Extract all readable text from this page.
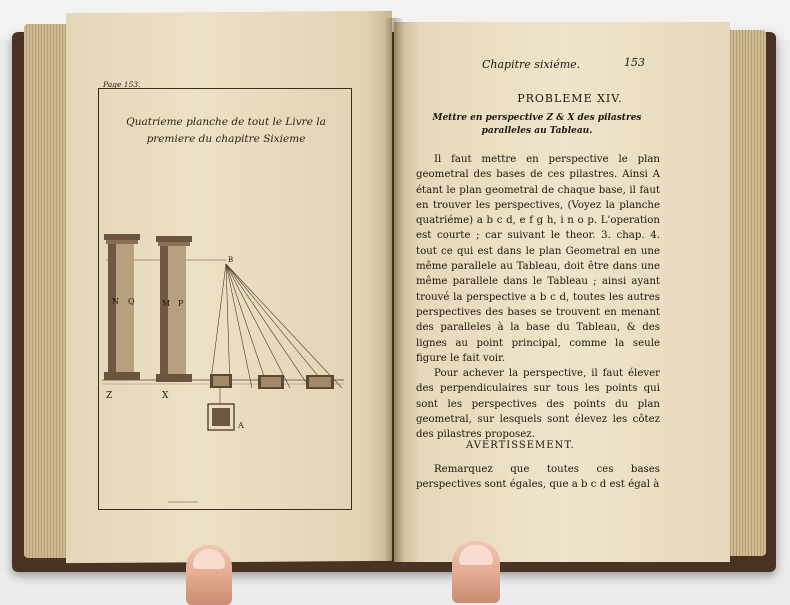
Page 153.
Quatrieme planche de tout le Livre la
premiere du chapitre Sixieme
N Q	M P
Z	X
B
A
Chapitre sixiéme.	153
PROBLEME XIV.
Mettre en perspective Z & X des pilastres
paralleles au Tableau.

Il faut mettre en perspective le plan geometral des bases de ces pilastres. Ainsi A étant le plan geometral de chaque base, il faut en trouver les perspectives, (Voyez la planche quatriéme) a b c d, e f g h, i n o p. L'operation est courte ; car suivant le theor. 3. chap. 4. tout ce qui est dans le plan Geometral en une même parallele au Tableau, doit être dans une même parallele dans le Tableau ; ainsi ayant trouvé la perspective a b c d, toutes les autres perspectives des bases se trouvent en menant des paralleles à la base du Tableau, & des lignes au point principal, comme la seule figure le fait voir.

Pour achever la perspective, il faut élever des perpendiculaires sur tous les points qui sont les perspectives des points du plan geometral, sur lesquels sont élevez les côtez des pilastres proposez.

AVERTISSEMENT.

Remarquez que toutes ces bases perspectives sont égales, que a b c d est égal à
